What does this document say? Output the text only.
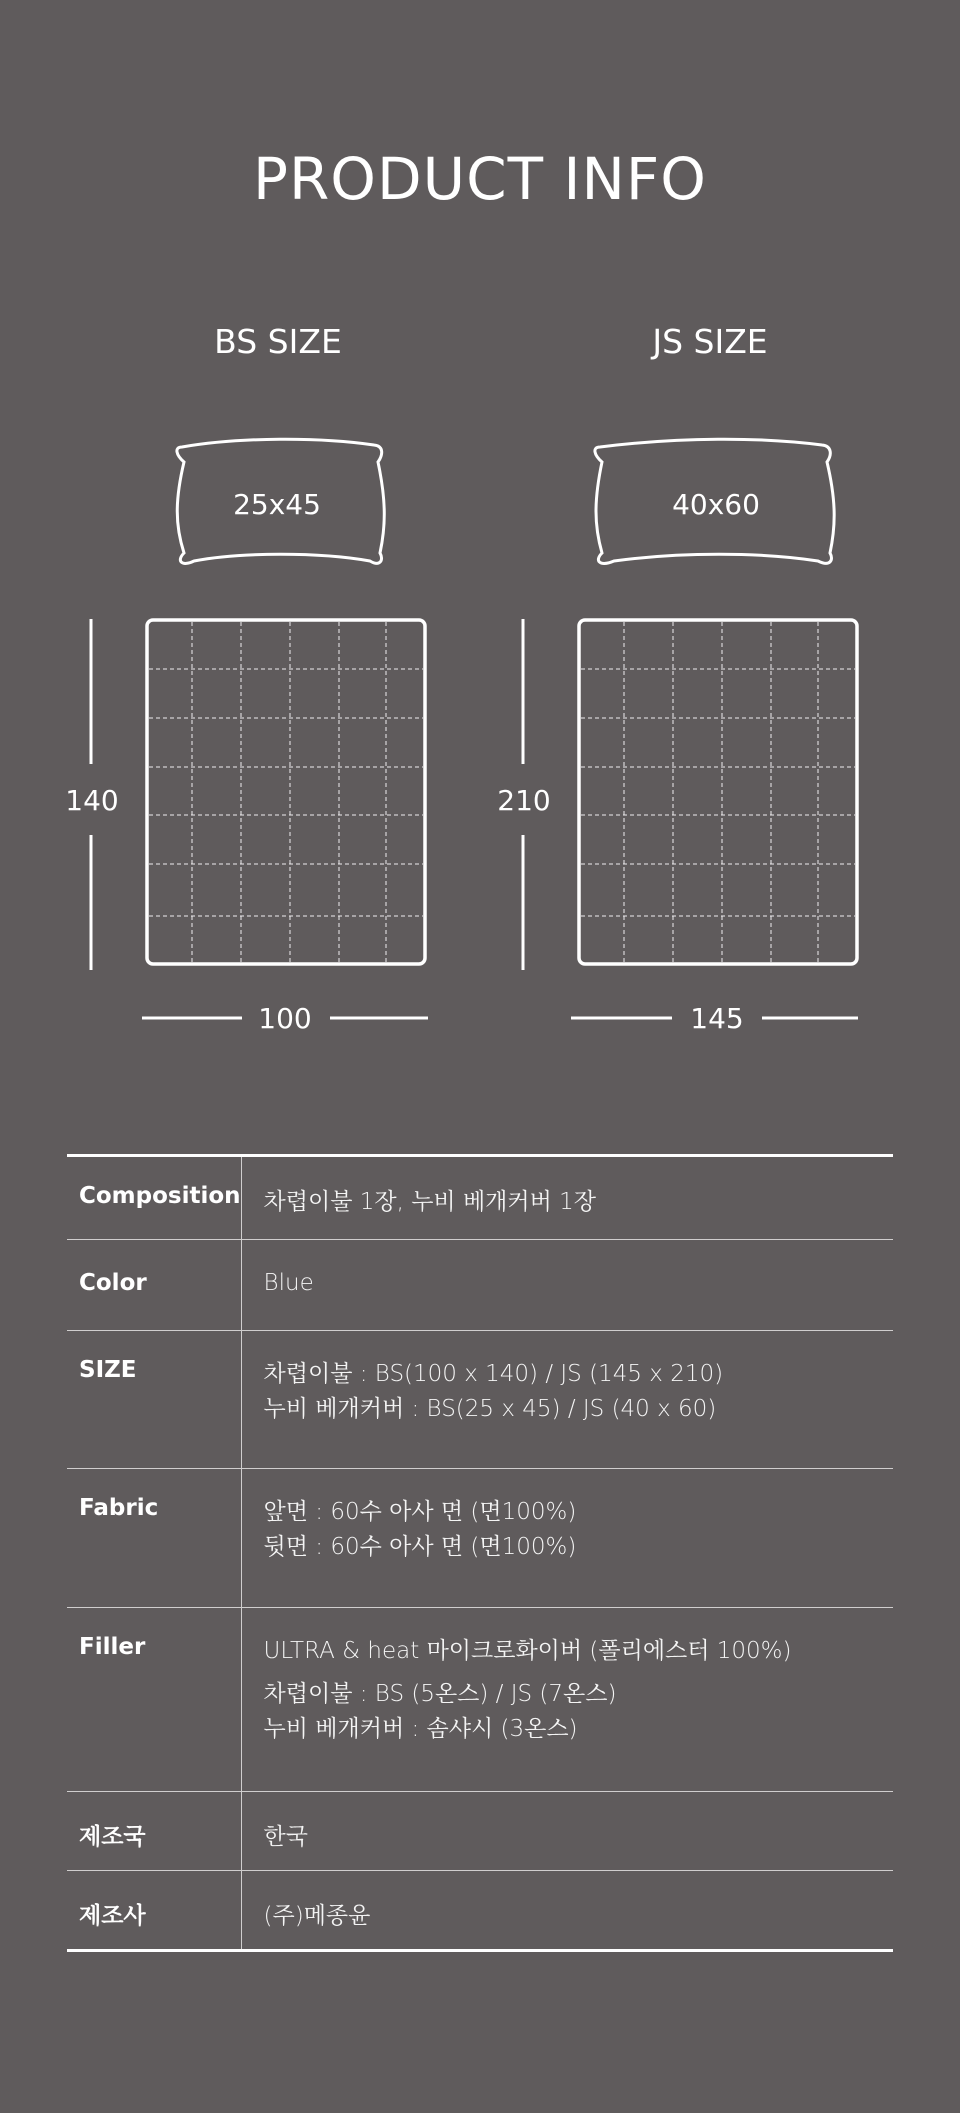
PRODUCT INFO
BS SIZE	JS SIZE
25x45	40x60
140
100
210
145
Composition	차렵이불 1장, 누비 베개커버 1장
Color	Blue
SIZE	차렵이불 : BS(100 x 140) / JS (145 x 210)
누비 베개커버 : BS(25 x 45) / JS (40 x 60)

Fabric	앞면 : 60수 아사 면 (면100%)
뒷면 : 60수 아사 면 (면100%)

Filler	ULTRA & heat 마이크로화이버 (폴리에스터 100%)
차렵이불 : BS (5온스) / JS (7온스)
누비 베개커버 : 솜샤시 (3온스)

제조국	한국
제조사	(주)메종윤
